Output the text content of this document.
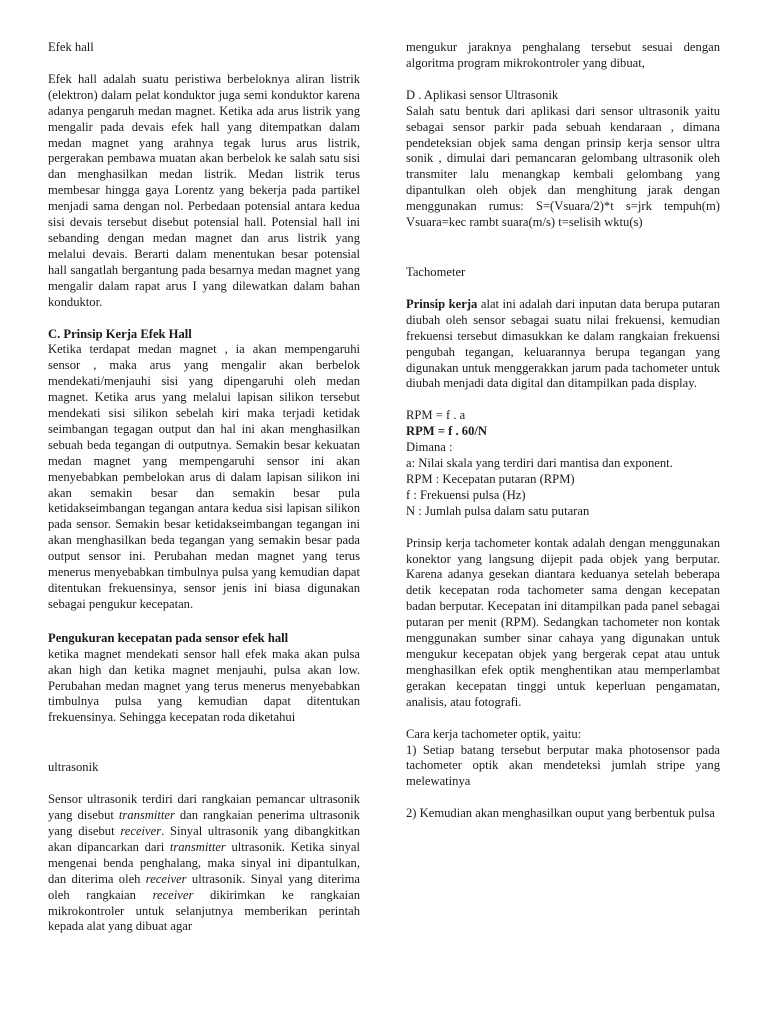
Efek hall

Efek hall adalah suatu peristiwa berbeloknya aliran listrik (elektron) dalam pelat konduktor juga semi konduktor karena adanya pengaruh medan magnet. Ketika ada arus listrik yang mengalir pada devais efek hall yang ditempatkan dalam medan magnet yang arahnya tegak lurus arus listrik, pergerakan pembawa muatan akan berbelok ke salah satu sisi dan menghasilkan medan listrik. Medan listrik terus membesar hingga gaya Lorentz yang bekerja pada partikel menjadi sama dengan nol. Perbedaan potensial antara kedua sisi devais tersebut disebut potensial hall. Potensial hall ini sebanding dengan medan magnet dan arus listrik yang melalui devais. Berarti dalam menentukan besar potensial hall sangatlah bergantung pada besarnya medan magnet yang mengalir dalam rapat arus I yang dilewatkan dalam bahan konduktor.

C. Prinsip Kerja Efek Hall

Ketika terdapat medan magnet , ia akan mempengaruhi sensor , maka arus yang mengalir akan berbelok mendekati/menjauhi sisi yang dipengaruhi oleh medan magnet. Ketika arus yang melalui lapisan silikon tersebut mendekati sisi silikon sebelah kiri maka terjadi ketidak seimbangan tegagan output dan hal ini akan menghasilkan sebuah beda tegangan di outputnya. Semakin besar kekuatan medan magnet yang mempengaruhi sensor ini akan menyebabkan pembelokan arus di dalam lapisan silikon ini akan semakin besar dan semakin besar pula ketidakseimbangan tegangan antara kedua sisi lapisan silikon pada sensor. Semakin besar ketidakseimbangan tegangan ini akan menghasilkan beda tegangan yang semakin besar pada output sensor ini. Perubahan medan magnet yang terus menerus menyebabkan timbulnya pulsa yang kemudian dapat ditentukan frekuensinya, sensor jenis ini biasa digunakan sebagai pengukur kecepatan.

Pengukuran kecepatan pada sensor efek hall

ketika magnet mendekati sensor hall efek maka akan pulsa akan high dan ketika magnet menjauhi, pulsa akan low. Perubahan medan magnet yang terus menerus menyebabkan timbulnya pulsa yang kemudian dapat ditentukan frekuensinya. Sehingga kecepatan roda diketahui

ultrasonik

Sensor ultrasonik terdiri dari rangkaian pemancar ultrasonik yang disebut transmitter dan rangkaian penerima ultrasonik yang disebut receiver. Sinyal ultrasonik yang dibangkitkan akan dipancarkan dari transmitter ultrasonik. Ketika sinyal mengenai benda penghalang, maka sinyal ini dipantulkan, dan diterima oleh receiver ultrasonik. Sinyal yang diterima oleh rangkaian receiver dikirimkan ke rangkaian mikrokontroler untuk selanjutnya memberikan perintah kepada alat yang dibuat agar

mengukur jaraknya penghalang tersebut sesuai dengan algoritma program mikrokontroler yang dibuat,

D . Aplikasi sensor Ultrasonik

Salah satu bentuk dari aplikasi dari sensor ultrasonik yaitu sebagai sensor parkir pada sebuah kendaraan , dimana pendeteksian objek sama dengan prinsip kerja sensor ultra sonik , dimulai dari pemancaran gelombang ultrasonik oleh transmiter lalu menangkap kembali gelombang yang dipantulkan oleh objek dan menghitung jarak dengan menggunakan rumus: S=(Vsuara/2)*t s=jrk tempuh(m) Vsuara=kec rambt suara(m/s) t=selisih wktu(s)

Tachometer

Prinsip kerja alat ini adalah dari inputan data berupa putaran diubah oleh sensor sebagai suatu nilai frekuensi, kemudian frekuensi tersebut dimasukkan ke dalam rangkaian frekuensi pengubah tegangan, keluarannya berupa tegangan yang digunakan untuk menggerakkan jarum pada tachometer untuk diubah menjadi data digital dan ditampilkan pada display.

RPM = f . a

RPM = f . 60/N

Dimana :

a: Nilai skala yang terdiri dari mantisa dan exponent.

RPM : Kecepatan putaran (RPM)

f : Frekuensi pulsa (Hz)

N : Jumlah pulsa dalam satu putaran

Prinsip kerja tachometer kontak adalah dengan menggunakan konektor yang langsung dijepit pada objek yang berputar. Karena adanya gesekan diantara keduanya setelah beberapa detik kecepatan roda tachometer sama dengan kecepatan badan berputar. Kecepatan ini ditampilkan pada panel sebagai putaran per menit (RPM). Sedangkan tachometer non kontak menggunakan sumber sinar cahaya yang digunakan untuk mengukur kecepatan objek yang bergerak cepat atau untuk menghasilkan efek optik menghentikan atau memperlambat gerakan kecepatan tinggi untuk keperluan pengamatan, analisis, atau fotografi.

Cara kerja tachometer optik, yaitu:

1) Setiap batang tersebut berputar maka photosensor pada tachometer optik akan mendeteksi jumlah stripe yang melewatinya

2) Kemudian akan menghasilkan ouput yang berbentuk pulsa
